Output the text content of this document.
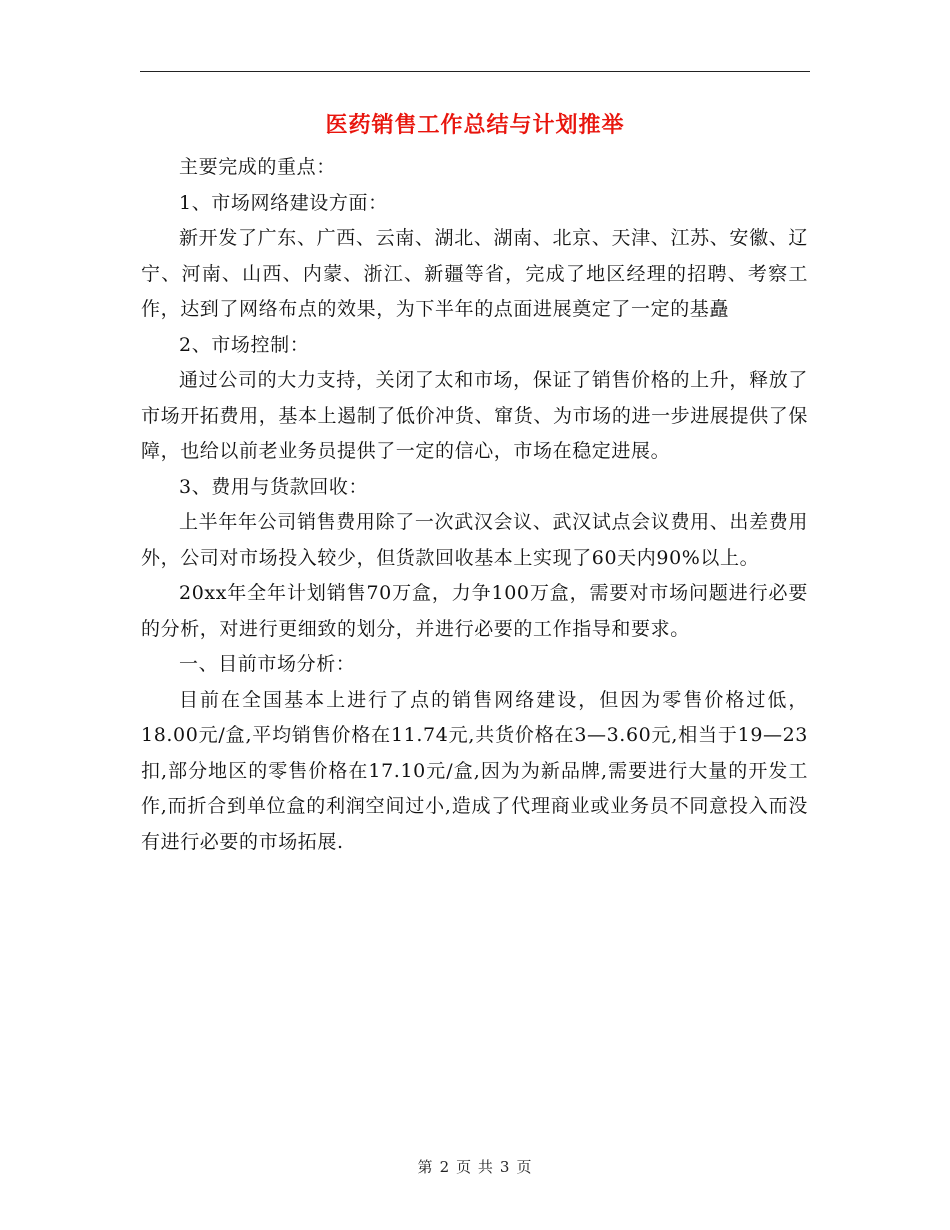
医药销售工作总结与计划推举

主要完成的重点：

1、市场网络建设方面：

新开发了广东、广西、云南、湖北、湖南、北京、天津、江苏、安徽、辽宁、河南、山西、内蒙、浙江、新疆等省，完成了地区经理的招聘、考察工作，达到了网络布点的效果，为下半年的点面进展奠定了一定的基矗

2、市场控制：

通过公司的大力支持，关闭了太和市场，保证了销售价格的上升，释放了市场开拓费用，基本上遏制了低价冲货、窜货、为市场的进一步进展提供了保障，也给以前老业务员提供了一定的信心，市场在稳定进展。

3、费用与货款回收：

上半年年公司销售费用除了一次武汉会议、武汉试点会议费用、出差费用外，公司对市场投入较少，但货款回收基本上实现了60天内90%以上。

20xx年全年计划销售70万盒，力争100万盒，需要对市场问题进行必要的分析，对进行更细致的划分，并进行必要的工作指导和要求。

一、目前市场分析：

目前在全国基本上进行了点的销售网络建设，但因为零售价格过低，18.00元/盒,平均销售价格在11.74元,共货价格在3—3.60元,相当于19—23扣,部分地区的零售价格在17.10元/盒,因为为新品牌,需要进行大量的开发工作,而折合到单位盒的利润空间过小,造成了代理商业或业务员不同意投入而没有进行必要的市场拓展.

第 2 页 共 3 页
